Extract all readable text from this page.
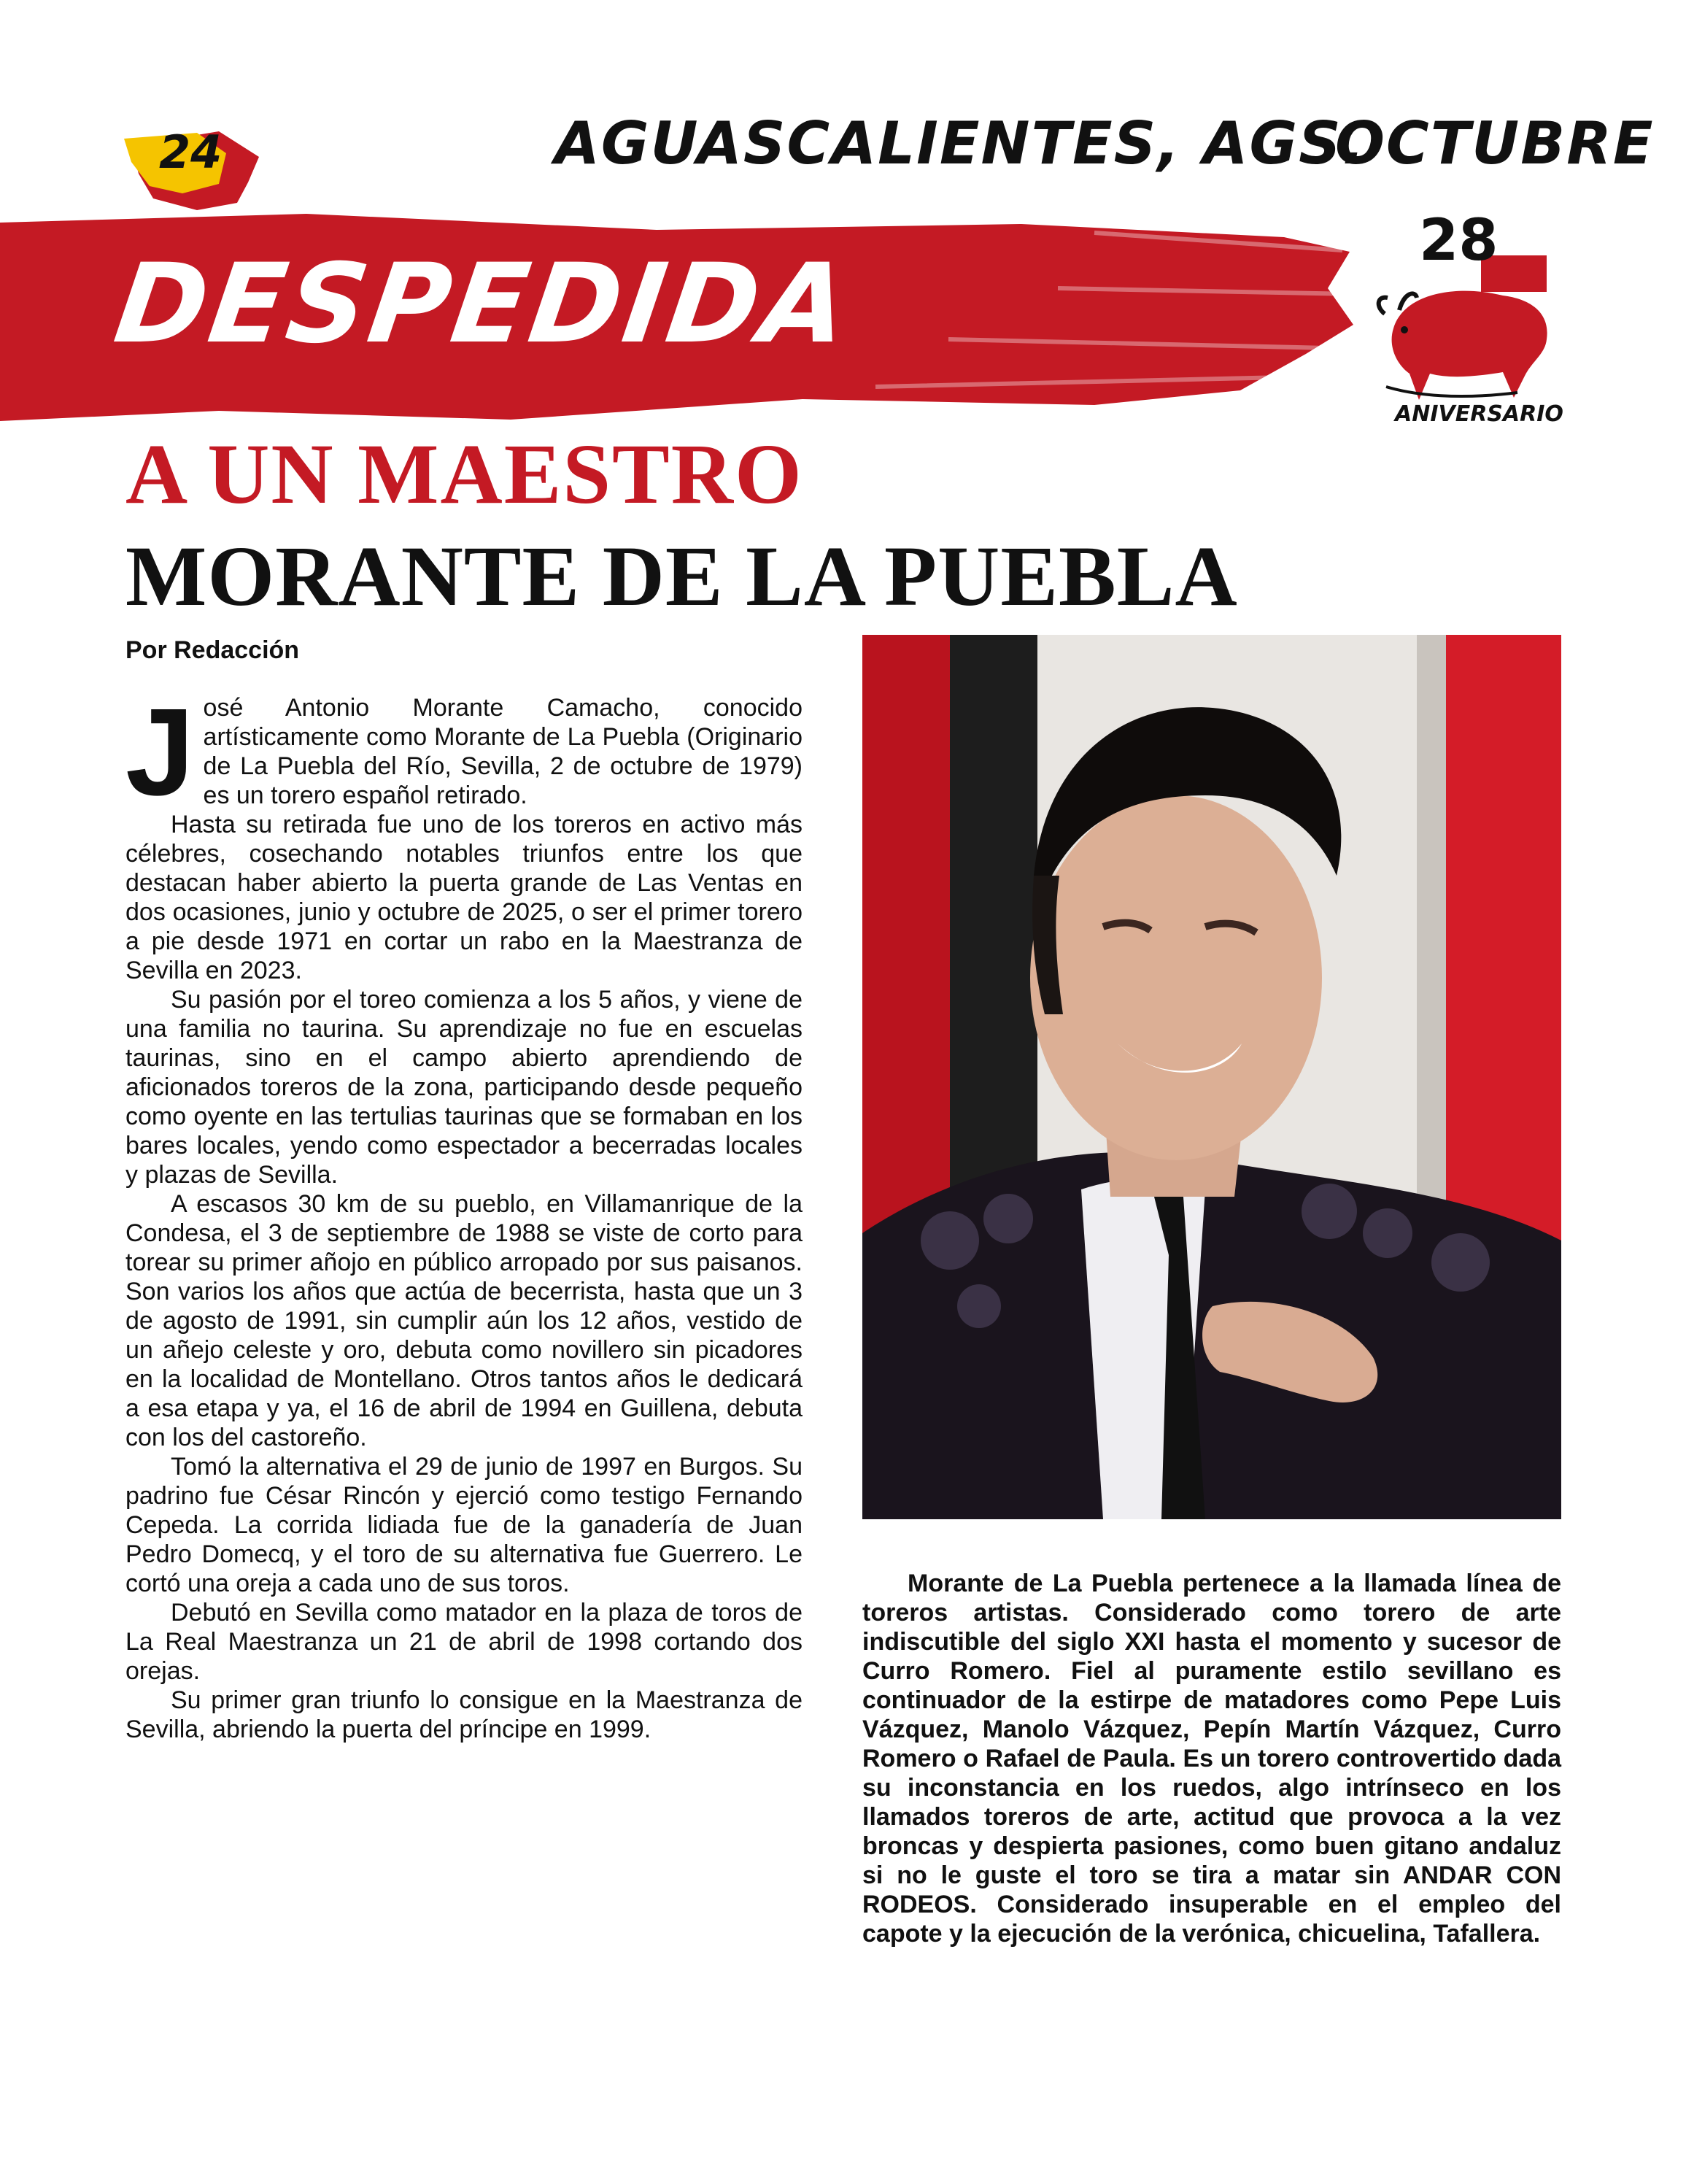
24	AGUASCALIENTES, AGS.
OCTUBRE
DESPEDIDA	28
ANIVERSARIO
A UN MAESTRO
MORANTE DE LA PUEBLA
Por Redacción

J osé Antonio Morante Camacho, conocido artísticamente como Morante de La Puebla (Originario de La Puebla del Río, Sevilla, 2 de octubre de 1979) es un torero español retirado.

Hasta su retirada fue uno de los toreros en activo más célebres, cosechando notables triunfos entre los que destacan haber abierto la puerta grande de Las Ventas en dos ocasiones, junio y octubre de 2025, o ser el primer torero a pie desde 1971 en cortar un rabo en la Maestranza de Sevilla en 2023.

Su pasión por el toreo comienza a los 5 años, y viene de una familia no taurina. Su aprendizaje no fue en escuelas taurinas, sino en el campo abierto aprendiendo de aficionados toreros de la zona, participando desde pequeño como oyente en las tertulias taurinas que se formaban en los bares locales, yendo como espectador a becerradas locales y plazas de Sevilla.

A escasos 30 km de su pueblo, en Villamanrique de la Condesa, el 3 de septiembre de 1988 se viste de corto para torear su primer añojo en público arropado por sus paisanos. Son varios los años que actúa de becerrista, hasta que un 3 de agosto de 1991, sin cumplir aún los 12 años, vestido de un añejo celeste y oro, debuta como novillero sin picadores en la localidad de Montellano. Otros tantos años le dedicará a esa etapa y ya, el 16 de abril de 1994 en Guillena, debuta con los del castoreño.

Tomó la alternativa el 29 de junio de 1997 en Burgos. Su padrino fue César Rincón y ejerció como testigo Fernando Cepeda. La corrida lidiada fue de la ganadería de Juan Pedro Domecq, y el toro de su alternativa fue Guerrero. Le cortó una oreja a cada uno de sus toros.

Debutó en Sevilla como matador en la plaza de toros de La Real Maestranza un 21 de abril de 1998 cortando dos orejas.

Su primer gran triunfo lo consigue en la Maestranza de Sevilla, abriendo la puerta del príncipe en 1999.

Morante de La Puebla pertenece a la llamada línea de toreros artistas. Considerado como torero de arte indiscutible del siglo XXI hasta el momento y sucesor de Curro Romero. Fiel al puramente estilo sevillano es continuador de la estirpe de matadores como Pepe Luis Vázquez, Manolo Vázquez, Pepín Martín Vázquez, Curro Romero o Rafael de Paula. Es un torero controvertido dada su inconstancia en los ruedos, algo intrínseco en los llamados toreros de arte, actitud que provoca a la vez broncas y despierta pasiones, como buen gitano andaluz si no le guste el toro se tira a matar sin ANDAR CON RODEOS. Considerado insuperable en el empleo del capote y la ejecución de la verónica, chicuelina, Tafallera.
